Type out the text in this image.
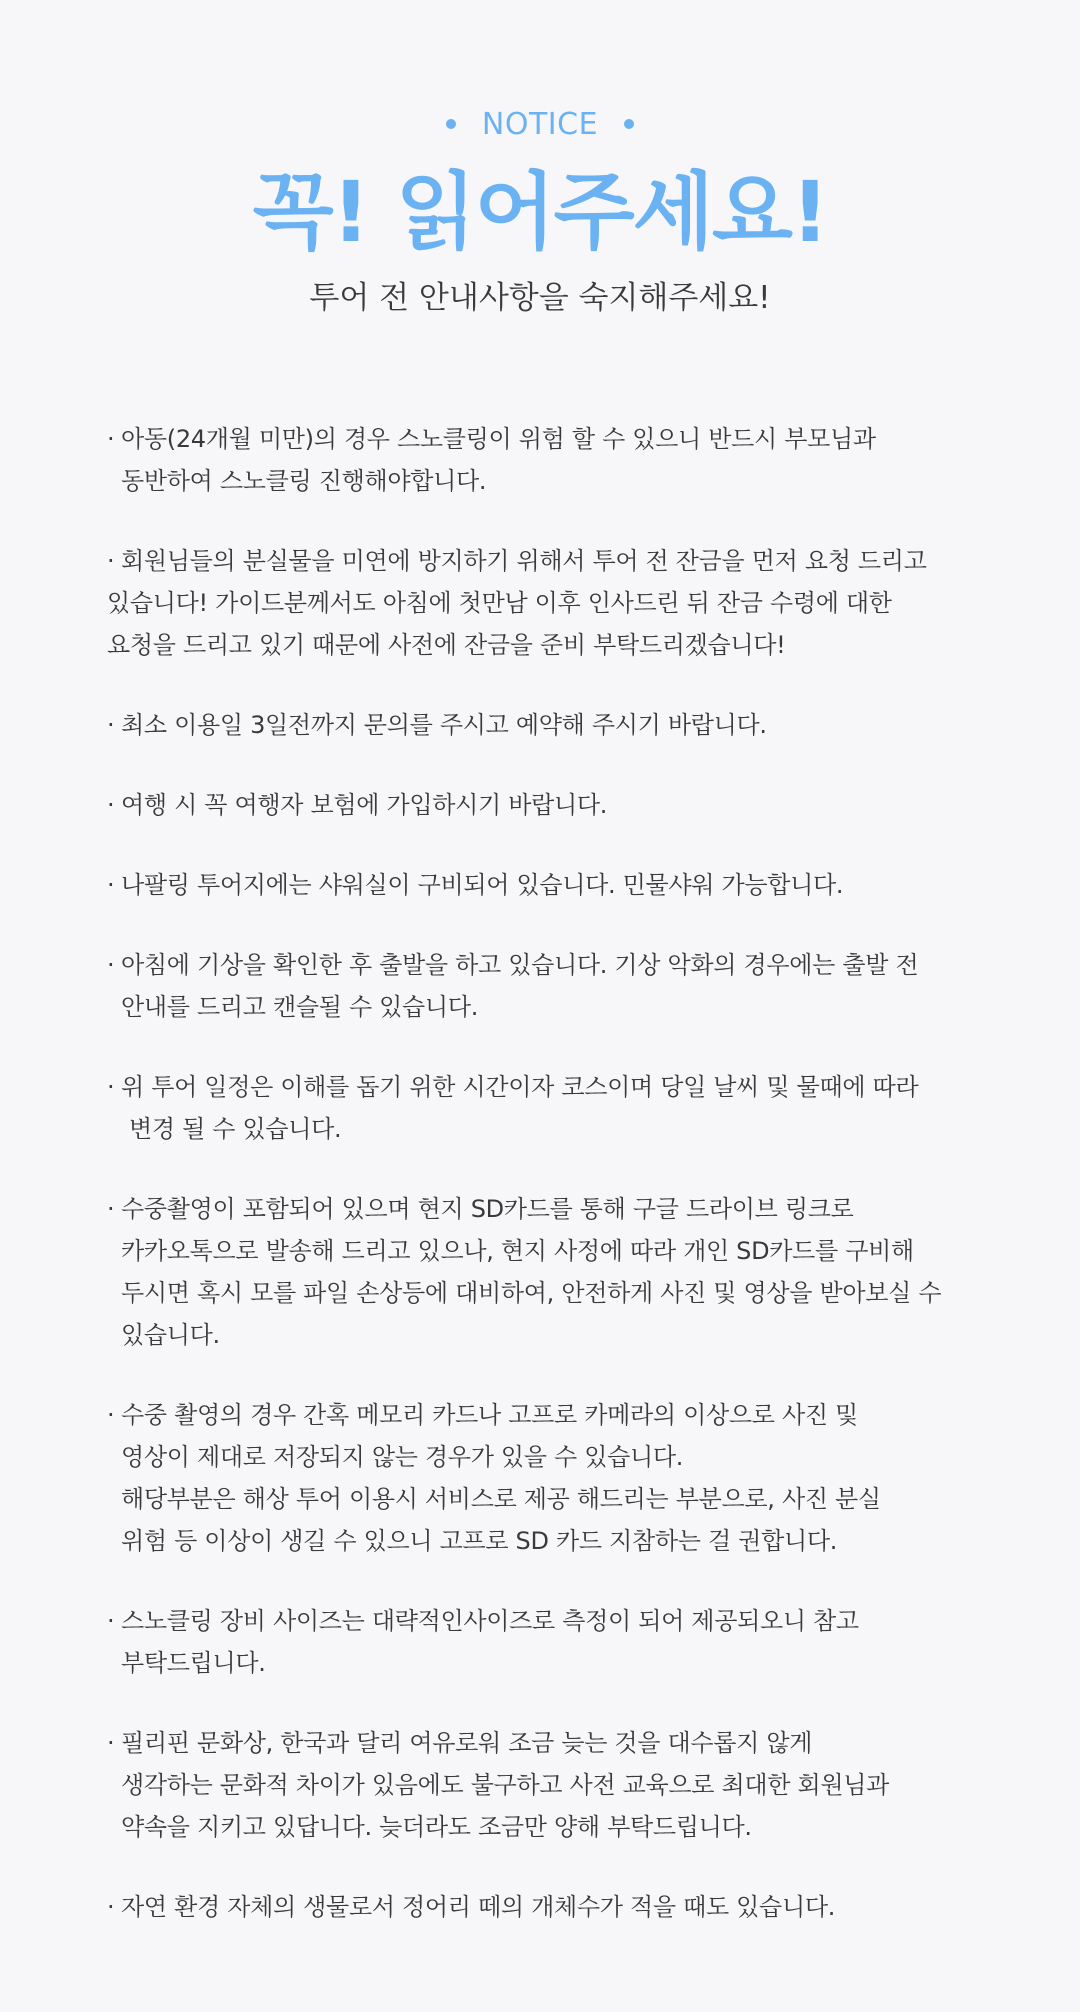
NOTICE
꼭! 읽어주세요!
투어 전 안내사항을 숙지해주세요!
· 아동(24개월 미만)의 경우 스노클링이 위험 할 수 있으니 반드시 부모님과
동반하여 스노클링 진행해야합니다.
· 회원님들의 분실물을 미연에 방지하기 위해서 투어 전 잔금을 먼저 요청 드리고
있습니다! 가이드분께서도 아침에 첫만남 이후 인사드린 뒤 잔금 수령에 대한
요청을 드리고 있기 때문에 사전에 잔금을 준비 부탁드리겠습니다!
· 최소 이용일 3일전까지 문의를 주시고 예약해 주시기 바랍니다.
· 여행 시 꼭 여행자 보험에 가입하시기 바랍니다.
· 나팔링 투어지에는 샤워실이 구비되어 있습니다. 민물샤워 가능합니다.
· 아침에 기상을 확인한 후 출발을 하고 있습니다. 기상 악화의 경우에는 출발 전
안내를 드리고 캔슬될 수 있습니다.
· 위 투어 일정은 이해를 돕기 위한 시간이자 코스이며 당일 날씨 및 물때에 따라
변경 될 수 있습니다.
· 수중촬영이 포함되어 있으며 현지 SD카드를 통해 구글 드라이브 링크로
카카오톡으로 발송해 드리고 있으나, 현지 사정에 따라 개인 SD카드를 구비해
두시면 혹시 모를 파일 손상등에 대비하여, 안전하게 사진 및 영상을 받아보실 수
있습니다.
· 수중 촬영의 경우 간혹 메모리 카드나 고프로 카메라의 이상으로 사진 및
영상이 제대로 저장되지 않는 경우가 있을 수 있습니다.
해당부분은 해상 투어 이용시 서비스로 제공 해드리는 부분으로, 사진 분실
위험 등 이상이 생길 수 있으니 고프로 SD 카드 지참하는 걸 권합니다.
· 스노클링 장비 사이즈는 대략적인사이즈로 측정이 되어 제공되오니 참고
부탁드립니다.
· 필리핀 문화상, 한국과 달리 여유로워 조금 늦는 것을 대수롭지 않게
생각하는 문화적 차이가 있음에도 불구하고 사전 교육으로 최대한 회원님과
약속을 지키고 있답니다. 늦더라도 조금만 양해 부탁드립니다.
· 자연 환경 자체의 생물로서 정어리 떼의 개체수가 적을 때도 있습니다.
